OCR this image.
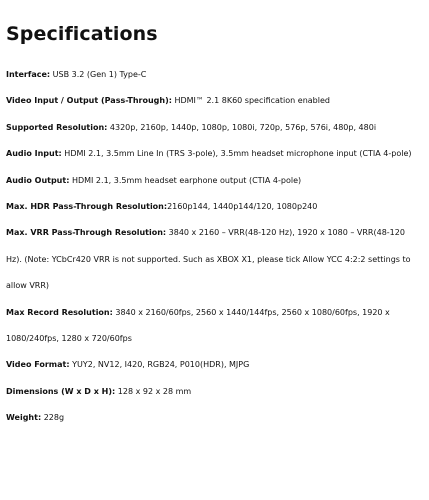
Specifications
Interface: USB 3.2 (Gen 1) Type-C
Video Input / Output (Pass-Through): HDMI™ 2.1 8K60 specification enabled
Supported Resolution: 4320p, 2160p, 1440p, 1080p, 1080i, 720p, 576p, 576i, 480p, 480i
Audio Input: HDMI 2.1, 3.5mm Line In (TRS 3-pole), 3.5mm headset microphone input (CTIA 4-pole)
Audio Output: HDMI 2.1, 3.5mm headset earphone output (CTIA 4-pole)
Max. HDR Pass-Through Resolution:2160p144, 1440p144/120, 1080p240
Max. VRR Pass-Through Resolution: 3840 x 2160 – VRR(48-120 Hz), 1920 x 1080 – VRR(48-120 Hz). (Note: YCbCr420 VRR is not supported. Such as XBOX X1, please tick Allow YCC 4:2:2 settings to allow VRR)
Max Record Resolution: 3840 x 2160/60fps, 2560 x 1440/144fps, 2560 x 1080/60fps, 1920 x 1080/240fps, 1280 x 720/60fps
Video Format: YUY2, NV12, I420, RGB24, P010(HDR), MJPG
Dimensions (W x D x H): 128 x 92 x 28 mm
Weight: 228g
